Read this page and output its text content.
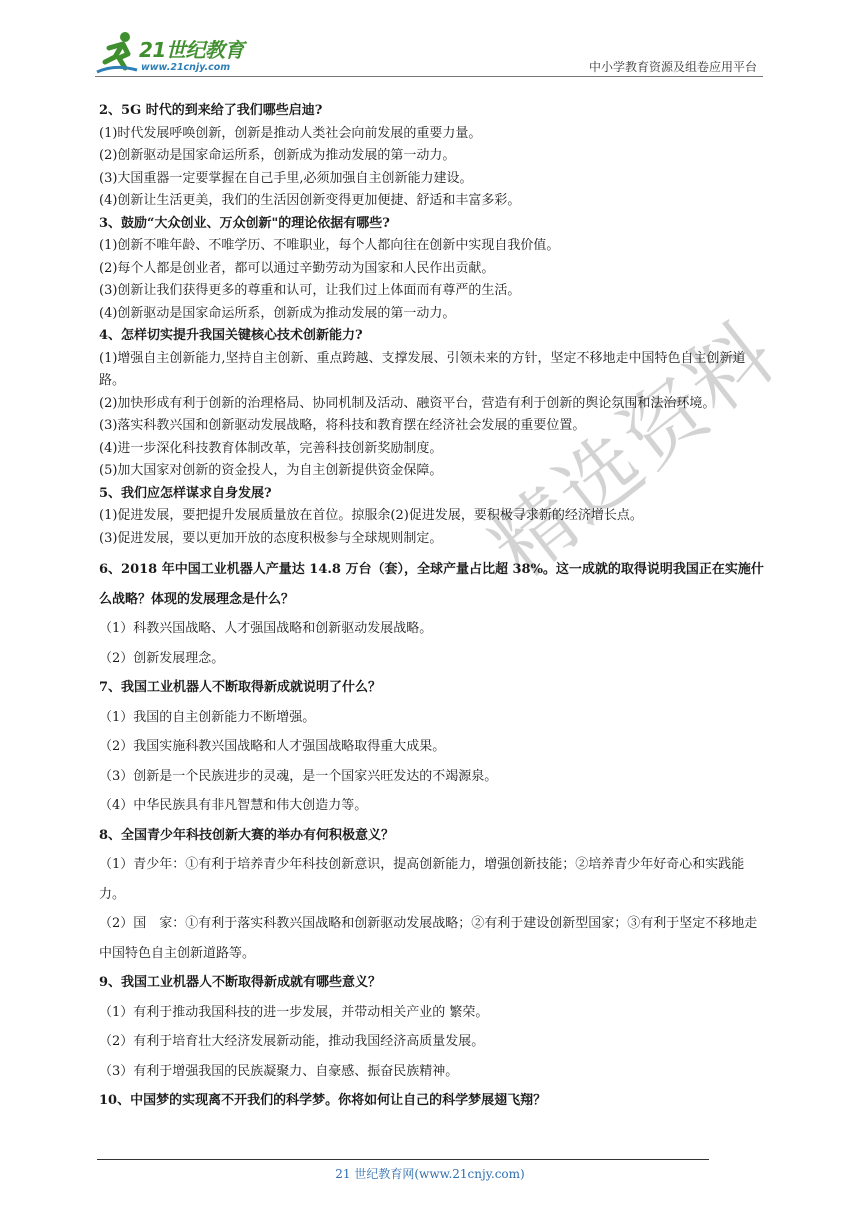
21世纪教育
www.21cnjy.com	中小学教育资源及组卷应用平台
精
选
资
料

2、5G 时代的到来给了我们哪些启迪?

(1)时代发展呼唤创新，创新是推动人类社会向前发展的重要力量。

(2)创新驱动是国家命运所系，创新成为推动发展的第一动力。

(3)大国重器一定要掌握在自己手里,必须加强自主创新能力建设。

(4)创新让生活更美，我们的生活因创新变得更加便捷、舒适和丰富多彩。

3、鼓励“大众创业、万众创新"的理论依据有哪些?

(1)创新不唯年龄、不唯学历、不唯职业，每个人都向往在创新中实现自我价值。

(2)每个人都是创业者，都可以通过辛勤劳动为国家和人民作出贡献。

(3)创新让我们获得更多的尊重和认可，让我们过上体面而有尊严的生活。

(4)创新驱动是国家命运所系，创新成为推动发展的第一动力。

4、怎样切实提升我国关键核心技术创新能力?

(1)增强自主创新能力,坚持自主创新、重点跨越、支撑发展、引领未来的方针，坚定不移地走中国特色自主创新道路。

(2)加快形成有利于创新的治理格局、协同机制及活动、融资平台，营造有利于创新的舆论氛围和法治环境。

(3)落实科教兴国和创新驱动发展战略，将科技和教育摆在经济社会发展的重要位置。

(4)进一步深化科技教育体制改革，完善科技创新奖励制度。

(5)加大国家对创新的资金投人，为自主创新提供资金保障。

5、我们应怎样谋求自身发展?

(1)促进发展，要把提升发展质量放在首位。掠服余(2)促进发展，要积极寻求新的经济增长点。

(3)促进发展，要以更加开放的态度积极参与全球规则制定。

6、2018 年中国工业机器人产量达 14.8 万台（套），全球产量占比超 38%。这一成就的取得说明我国正在实施什么战略？体现的发展理念是什么？

（1）科教兴国战略、人才强国战略和创新驱动发展战略。

（2）创新发展理念。

7、我国工业机器人不断取得新成就说明了什么？

（1）我国的自主创新能力不断增强。

（2）我国实施科教兴国战略和人才强国战略取得重大成果。

（3）创新是一个民族进步的灵魂，是一个国家兴旺发达的不竭源泉。

（4）中华民族具有非凡智慧和伟大创造力等。

8、全国青少年科技创新大赛的举办有何积极意义？

（1）青少年：①有利于培养青少年科技创新意识，提高创新能力，增强创新技能；②培养青少年好奇心和实践能力。

（2）国　家：①有利于落实科教兴国战略和创新驱动发展战略；②有利于建设创新型国家；③有利于坚定不移地走中国特色自主创新道路等。

9、我国工业机器人不断取得新成就有哪些意义？

（1）有利于推动我国科技的进一步发展，并带动相关产业的 繁荣。

（2）有利于培育壮大经济发展新动能，推动我国经济高质量发展。

（3）有利于增强我国的民族凝聚力、自豪感、振奋民族精神。

10、中国梦的实现离不开我们的科学梦。你将如何让自己的科学梦展翅飞翔？

21 世纪教育网(www.21cnjy.com)
